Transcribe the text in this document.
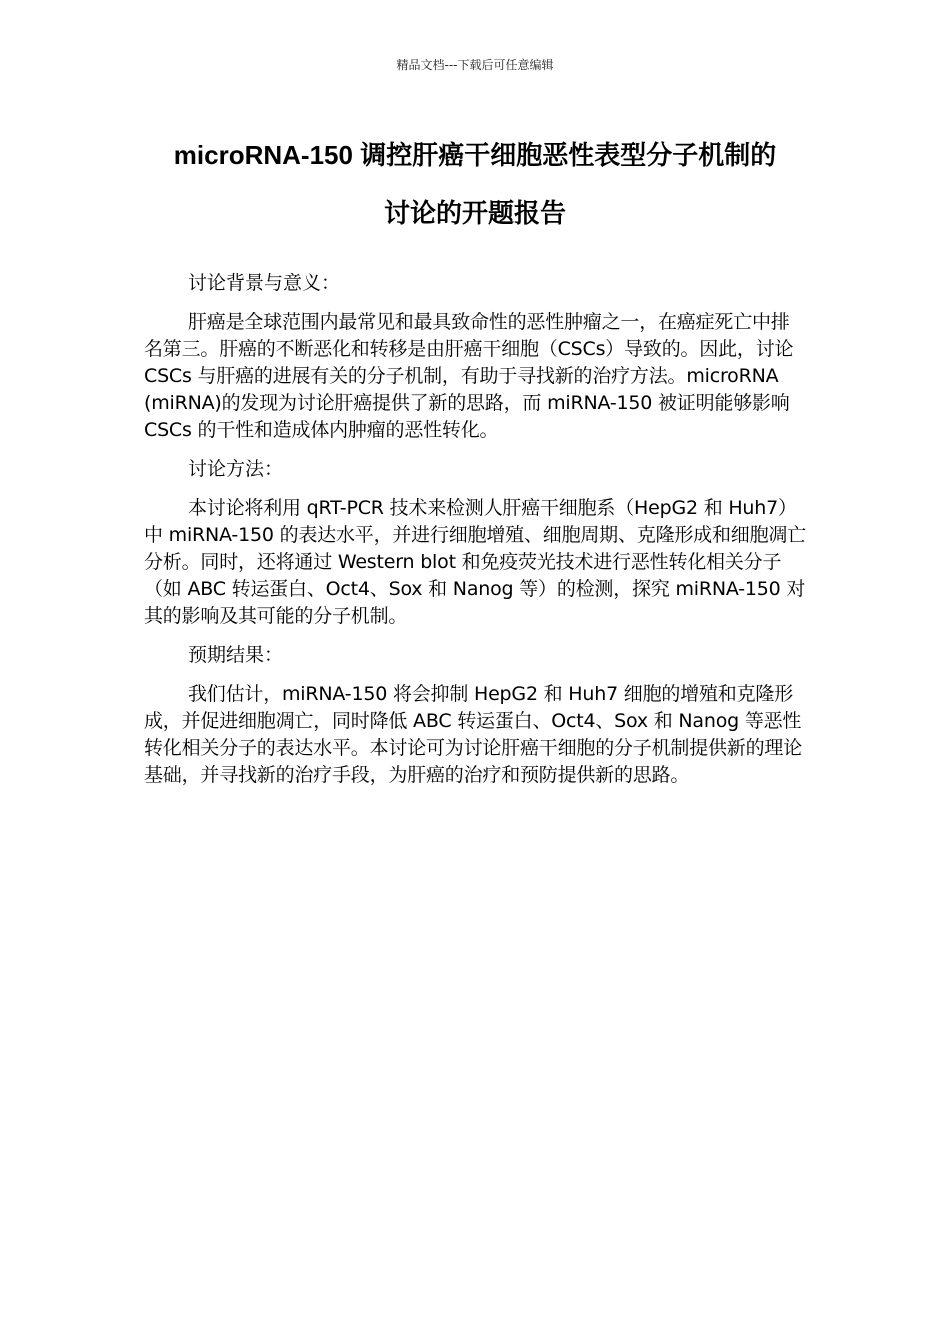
精品文档---下载后可任意编辑
microRNA-150 调控肝癌干细胞恶性表型分子机制的
讨论的开题报告

讨论背景与意义：

肝癌是全球范围内最常见和最具致命性的恶性肿瘤之一，在癌症死亡中排名第三。肝癌的不断恶化和转移是由肝癌干细胞（CSCs）导致的。因此，讨论 CSCs 与肝癌的进展有关的分子机制，有助于寻找新的治疗方法。microRNA (miRNA)的发现为讨论肝癌提供了新的思路，而 miRNA-150 被证明能够影响 CSCs 的干性和造成体内肿瘤的恶性转化。

讨论方法：

本讨论将利用 qRT-PCR 技术来检测人肝癌干细胞系（HepG2 和 Huh7）中 miRNA-150 的表达水平，并进行细胞增殖、细胞周期、克隆形成和细胞凋亡分析。同时，还将通过 Western blot 和免疫荧光技术进行恶性转化相关分子（如 ABC 转运蛋白、Oct4、Sox 和 Nanog 等）的检测，探究 miRNA-150 对其的影响及其可能的分子机制。

预期结果：

我们估计，miRNA-150 将会抑制 HepG2 和 Huh7 细胞的增殖和克隆形成，并促进细胞凋亡，同时降低 ABC 转运蛋白、Oct4、Sox 和 Nanog 等恶性转化相关分子的表达水平。本讨论可为讨论肝癌干细胞的分子机制提供新的理论基础，并寻找新的治疗手段，为肝癌的治疗和预防提供新的思路。
